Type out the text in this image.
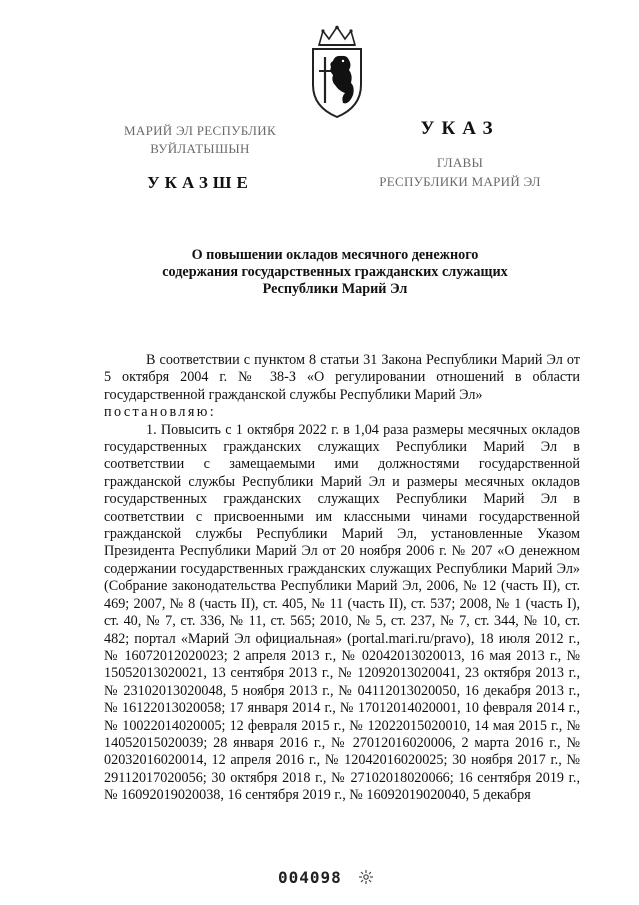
МАРИЙ ЭЛ РЕСПУБЛИК
ВУЙЛАТЫШЫН
УКАЗШЕ
УКАЗ
ГЛАВЫ
РЕСПУБЛИКИ МАРИЙ ЭЛ
О повышении окладов месячного денежного
содержания государственных гражданских служащих
Республики Марий Эл

В соответствии с пунктом 8 статьи 31 Закона Республики Марий Эл от 5 октября 2004 г. № 38-З «О регулировании отношений в области государственной гражданской службы Республики Марий Эл»

постановляю:

1. Повысить с 1 октября 2022 г. в 1,04 раза размеры месячных окладов государственных гражданских служащих Республики Марий Эл в соответствии с замещаемыми ими должностями государственной гражданской службы Республики Марий Эл и размеры месячных окладов государственных гражданских служащих Республики Марий Эл в соответствии с присвоенными им классными чинами государственной гражданской службы Республики Марий Эл, установленные Указом Президента Республики Марий Эл от 20 ноября 2006 г. № 207 «О денежном содержании государственных гражданских служащих Республики Марий Эл» (Собрание законодательства Республики Марий Эл, 2006, № 12 (часть II), ст. 469; 2007, № 8 (часть II), ст. 405, № 11 (часть II), ст. 537; 2008, № 1 (часть I), ст. 40, № 7, ст. 336, № 11, ст. 565; 2010, № 5, ст. 237, № 7, ст. 344, № 10, ст. 482; портал «Марий Эл официальная» (portal.mari.ru/pravo), 18 июля 2012 г., № 16072012020023; 2 апреля 2013 г., № 02042013020013, 16 мая 2013 г., № 15052013020021, 13 сентября 2013 г., № 12092013020041, 23 октября 2013 г., № 23102013020048, 5 ноября 2013 г., № 04112013020050, 16 декабря 2013 г., № 16122013020058; 17 января 2014 г., № 17012014020001, 10 февраля 2014 г., № 10022014020005; 12 февраля 2015 г., № 12022015020010, 14 мая 2015 г., № 14052015020039; 28 января 2016 г., № 27012016020006, 2 марта 2016 г., № 02032016020014, 12 апреля 2016 г., № 12042016020025; 30 ноября 2017 г., № 29112017020056; 30 октября 2018 г., № 27102018020066; 16 сентября 2019 г., № 16092019020038, 16 сентября 2019 г., № 16092019020040, 5 декабря

004098
